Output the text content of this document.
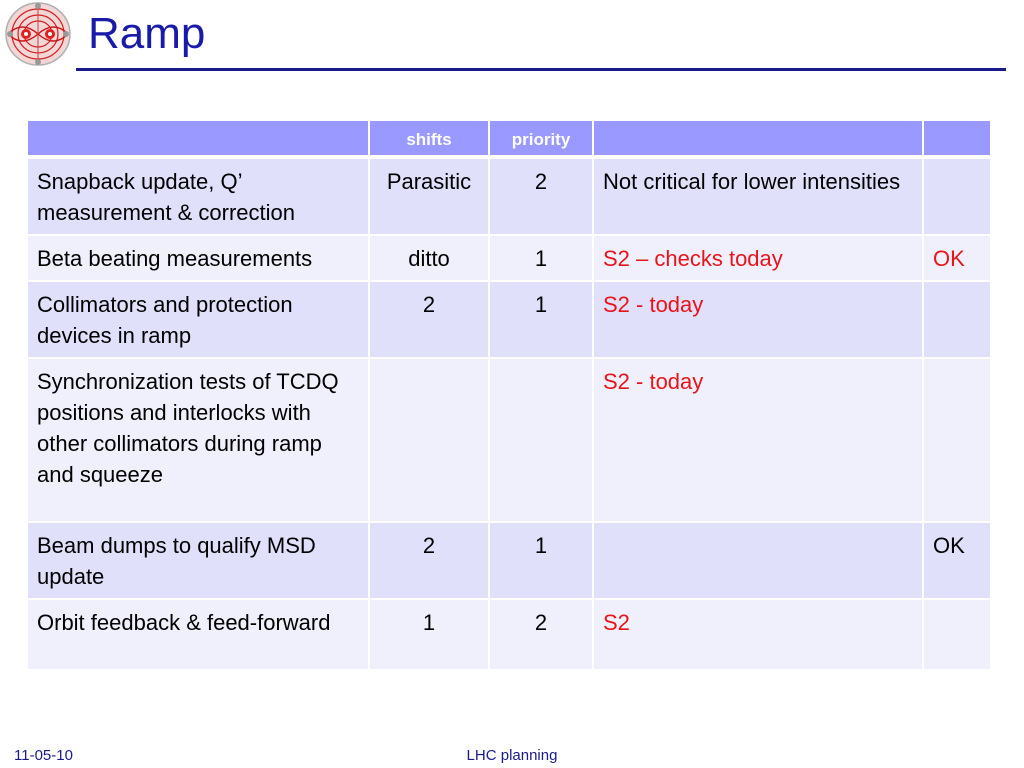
Ramp
	shifts	priority		
Snapback update, Q’ measurement & correction	Parasitic	2	Not critical for lower intensities	
Beta beating measurements	ditto	1	S2 – checks today	OK
Collimators and protection devices in ramp	2	1	S2 - today	
Synchronization tests of TCDQ positions and interlocks with other collimators during ramp and squeeze			S2 - today	
Beam dumps to qualify MSD update	2	1		OK
Orbit feedback & feed-forward	1	2	S2	
11-05-10	LHC planning
